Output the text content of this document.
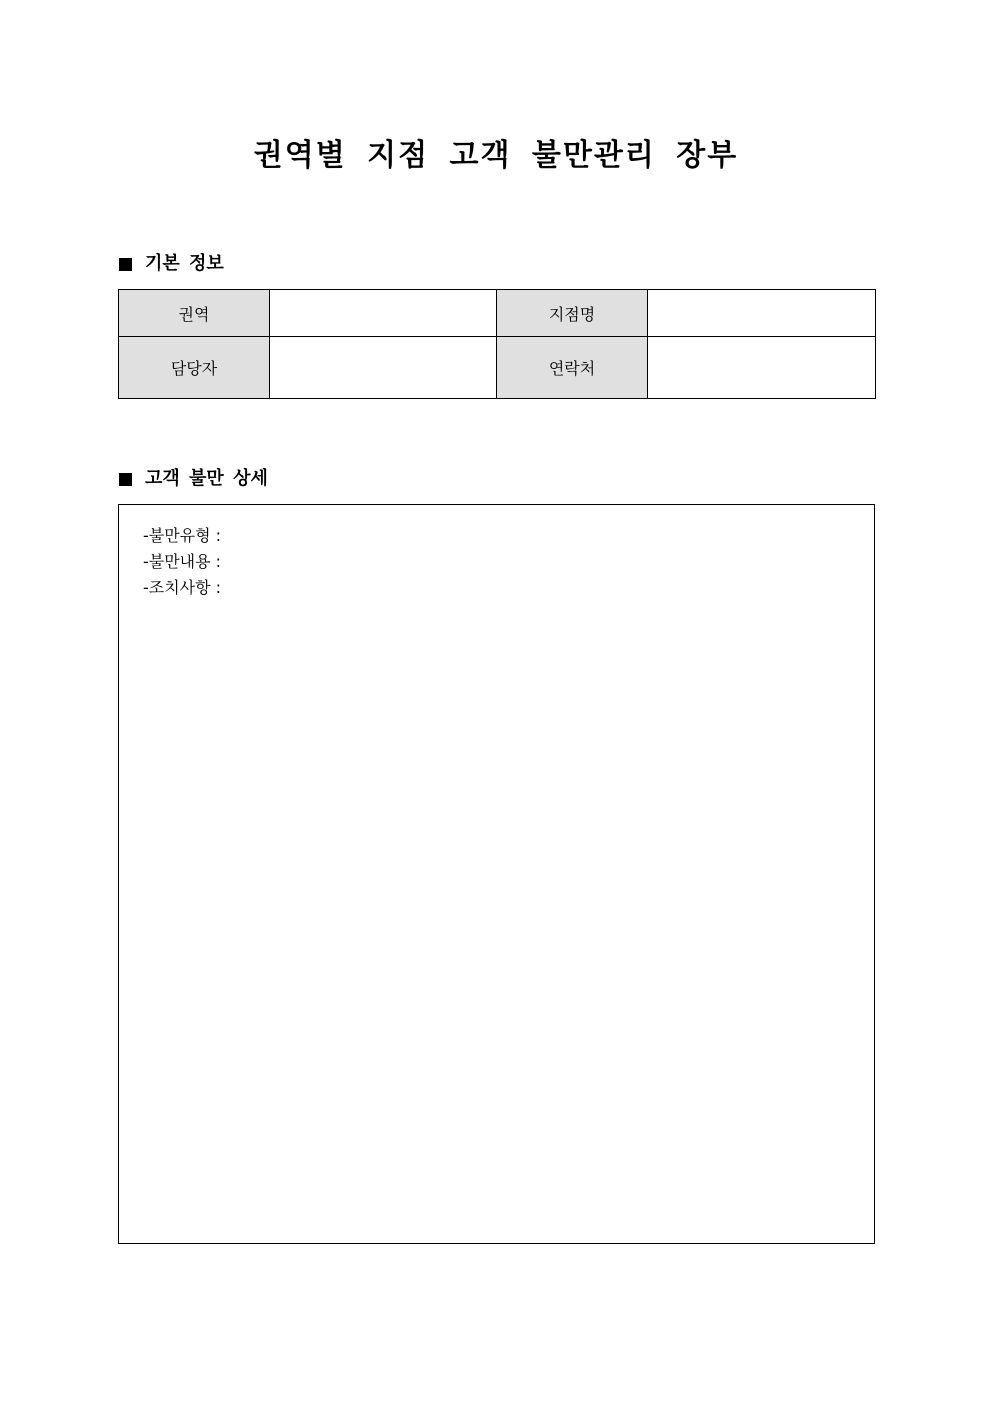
권역별 지점 고객 불만관리 장부
기본 정보
권역		지점명	
담당자		연락처	
고객 불만 상세
-불만유형 :
-불만내용 :
-조치사항 :
